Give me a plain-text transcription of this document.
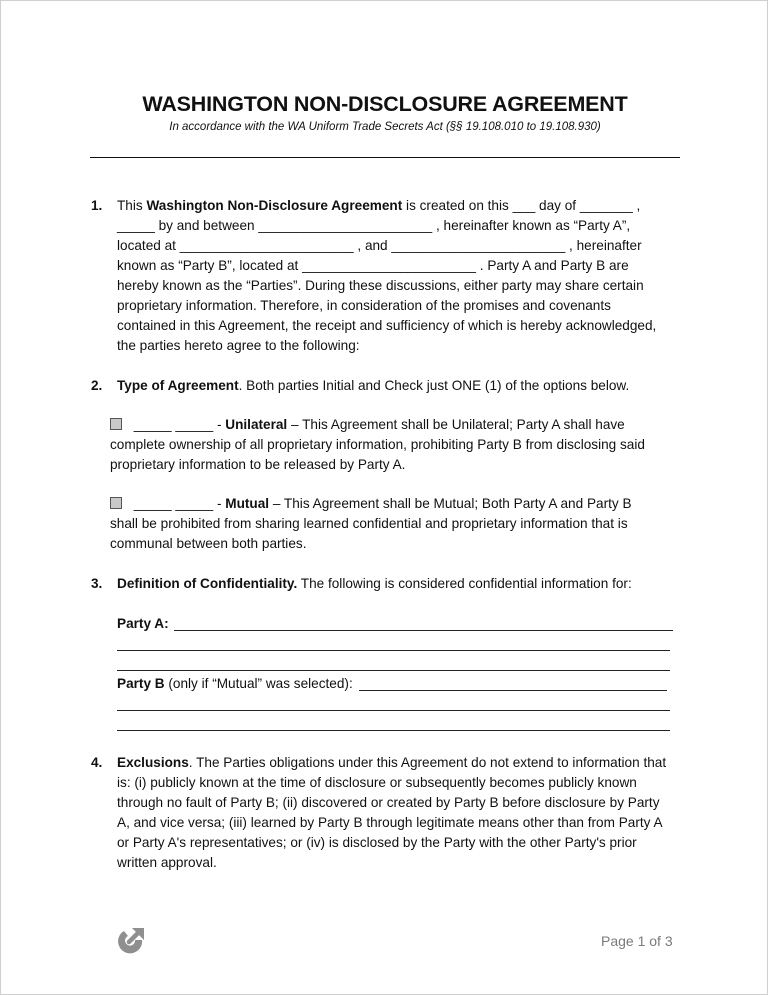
WASHINGTON NON-DISCLOSURE AGREEMENT
In accordance with the WA Uniform Trade Secrets Act (§§ 19.108.010 to 19.108.930)
1. This Washington Non-Disclosure Agreement is created on this ___ day of _______ ,
_____ by and between _______________________ , hereinafter known as “Party A”,
located at _______________________ , and _______________________ , hereinafter
known as “Party B”, located at _______________________ . Party A and Party B are
hereby known as the “Parties”. During these discussions, either party may share certain
proprietary information. Therefore, in consideration of the promises and covenants
contained in this Agreement, the receipt and sufficiency of which is hereby acknowledged,
the parties hereto agree to the following:
2. Type of Agreement. Both parties Initial and Check just ONE (1) of the options below.
_____ _____ - Unilateral – This Agreement shall be Unilateral; Party A shall have
complete ownership of all proprietary information, prohibiting Party B from disclosing said
proprietary information to be released by Party A.
_____ _____ - Mutual – This Agreement shall be Mutual; Both Party A and Party B
shall be prohibited from sharing learned confidential and proprietary information that is
communal between both parties.
3. Definition of Confidentiality. The following is considered confidential information for:
Party A:
Party B (only if “Mutual” was selected):
4. Exclusions. The Parties obligations under this Agreement do not extend to information that
is: (i) publicly known at the time of disclosure or subsequently becomes publicly known
through no fault of Party B; (ii) discovered or created by Party B before disclosure by Party
A, and vice versa; (iii) learned by Party B through legitimate means other than from Party A
or Party A's representatives; or (iv) is disclosed by the Party with the other Party's prior
written approval.
Page 1 of 3
